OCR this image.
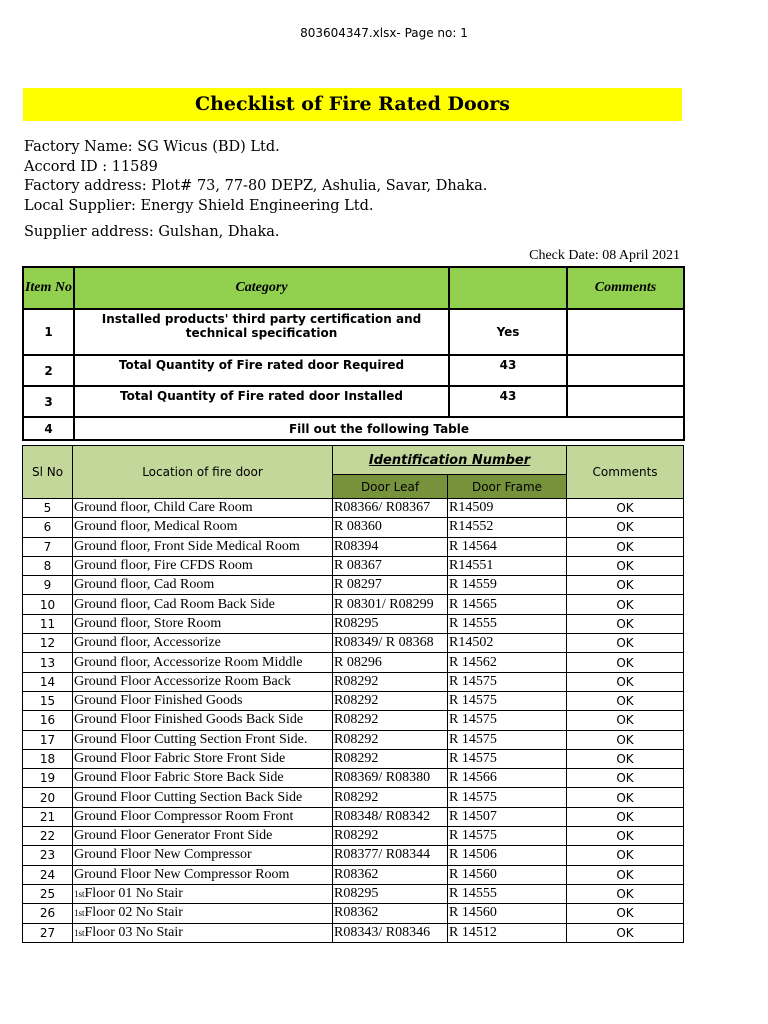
803604347.xlsx- Page no: 1
Checklist of Fire Rated Doors
Factory Name: SG Wicus (BD) Ltd.
Accord ID : 11589
Factory address: Plot# 73, 77-80 DEPZ, Ashulia, Savar, Dhaka.
Local Supplier: Energy Shield Engineering Ltd.
Supplier address: Gulshan, Dhaka.
Check Date: 08 April 2021
Item No	Category		Comments
1	Installed products' third party certification and technical specification	Yes	
2	Total Quantity of Fire rated door Required	43	
3	Total Quantity of Fire rated door Installed	43	
4	Fill out the following Table		
Sl No	Location of fire door	Identification Number		Comments
		Door Leaf	Door Frame	
5	Ground floor, Child Care Room	R08366/ R08367	R14509	OK
6	Ground floor, Medical Room	R 08360	R14552	OK
7	Ground floor, Front Side Medical Room	R08394	R 14564	OK
8	Ground floor, Fire CFDS Room	R 08367	R14551	OK
9	Ground floor, Cad Room	R 08297	R 14559	OK
10	Ground floor, Cad Room Back Side	R 08301/ R08299	R 14565	OK
11	Ground floor, Store Room	R08295	R 14555	OK
12	Ground floor, Accessorize	R08349/ R 08368	R14502	OK
13	Ground floor, Accessorize Room Middle	R 08296	R 14562	OK
14	Ground Floor Accessorize Room Back	R08292	R 14575	OK
15	Ground Floor Finished Goods	R08292	R 14575	OK
16	Ground Floor Finished Goods Back Side	R08292	R 14575	OK
17	Ground Floor Cutting Section Front Side.	R08292	R 14575	OK
18	Ground Floor Fabric Store Front Side	R08292	R 14575	OK
19	Ground Floor Fabric Store Back Side	R08369/ R08380	R 14566	OK
20	Ground Floor Cutting Section Back Side	R08292	R 14575	OK
21	Ground Floor Compressor Room Front	R08348/ R08342	R 14507	OK
22	Ground Floor Generator Front Side	R08292	R 14575	OK
23	Ground Floor New Compressor	R08377/ R08344	R 14506	OK
24	Ground Floor New Compressor Room	R08362	R 14560	OK
25	1stFloor 01 No Stair	R08295	R 14555	OK
26	1stFloor 02 No Stair	R08362	R 14560	OK
27	1stFloor 03 No Stair	R08343/ R08346	R 14512	OK
